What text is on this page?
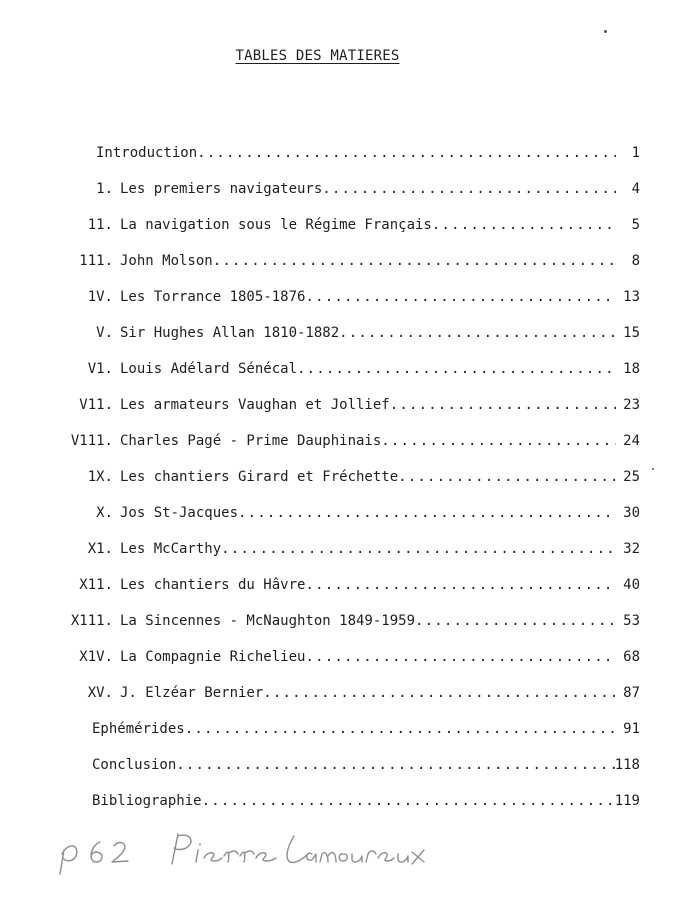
TABLES DES MATIERES
Introduction .....	1
1. Les premiers navigateurs .....	4
11. La navigation sous le Régime Français .....	5
111. John Molson .....	8
1V. Les Torrance 1805-1876 .....	13
V. Sir Hughes Allan 1810-1882 .....	15
V1. Louis Adélard Sénécal .....	18
V11. Les armateurs Vaughan et Jollief .....	23
V111. Charles Pagé - Prime Dauphinais .....	24
1X. Les chantiers Girard et Fréchette .....	25
X. Jos St-Jacques .....	30
X1. Les McCarthy .....	32
X11. Les chantiers du Hâvre .....	40
X111. La Sincennes - McNaughton 1849-1959 .....	53
X1V. La Compagnie Richelieu .....	68
XV. J. Elzéar Bernier .....	87
Ephémérides .....	91
Conclusion .....	118
Bibliographie .....	119
